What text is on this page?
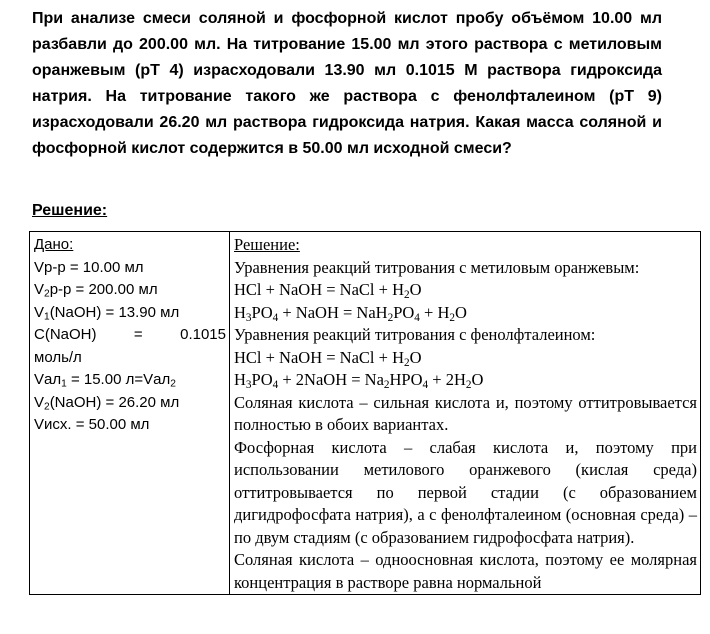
При анализе смеси соляной и фосфорной кислот пробу объёмом 10.00 мл разбавли до 200.00 мл. На титрование 15.00 мл этого раствора с метиловым оранжевым (pT 4) израсходовали 13.90 мл 0.1015 М раствора гидроксида натрия. На титрование такого же раствора с фенолфталеином (pT 9) израсходовали 26.20 мл раствора гидроксида натрия. Какая масса соляной и фосфорной кислот содержится в 50.00 мл исходной смеси?

Решение:

Дано:
Vр-р = 10.00 мл
$V_2р-р = 200.00$ мл
$V_1(NaOH) = 13.90$ мл
C(NaOH) = 0.1015
моль/л
Vал$_1$ = 15.00 л=Vал$_2$
$V_2(NaOH) = 26.20$ мл
Vисх. = 50.00 мл

Решение:
Уравнения реакций титрования с метиловым оранжевым:
HCl + NaOH = NaCl + $H_2O$
$H_3PO_4$ + NaOH = $NaH_2PO_4 + H_2O$
Уравнения реакций титрования с фенолфталеином:
HCl + NaOH = NaCl + $H_2O$
$H_3PO_4$ + 2NaOH = $Na_2HPO_4 + 2H_2O$
Соляная кислота – сильная кислота и, поэтому оттитровывается полностью в обоих вариантах.
Фосфорная кислота – слабая кислота и, поэтому при использовании метилового оранжевого (кислая среда) оттитровывается по первой стадии (с образованием дигидрофосфата натрия), а с фенолфталеином (основная среда) – по двум стадиям (с образованием гидрофосфата натрия).
Соляная кислота – одноосновная кислота, поэтому ее молярная концентрация в растворе равна нормальной
